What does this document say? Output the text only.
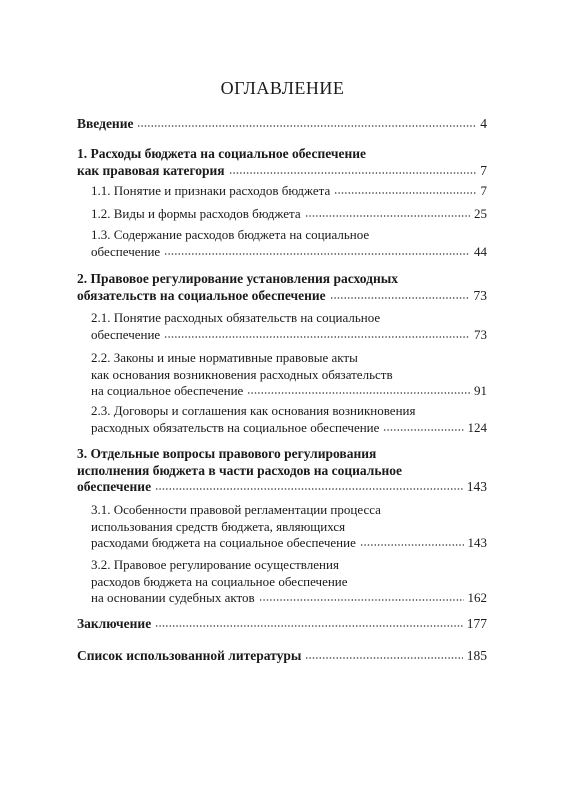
ОГЛАВЛЕНИЕ
Введение	4
1. Расходы бюджета на социальное обеспечение
как правовая категория	7
1.1. Понятие и признаки расходов бюджета	7
1.2. Виды и формы расходов бюджета	25
1.3. Содержание расходов бюджета на социальное
обеспечение	44
2. Правовое регулирование установления расходных
обязательств на социальное обеспечение	73
2.1. Понятие расходных обязательств на социальное
обеспечение	73
2.2. Законы и иные нормативные правовые акты
как основания возникновения расходных обязательств
на социальное обеспечение	91
2.3. Договоры и соглашения как основания возникновения
расходных обязательств на социальное обеспечение	124
3. Отдельные вопросы правового регулирования
исполнения бюджета в части расходов на социальное
обеспечение	143
3.1. Особенности правовой регламентации процесса
использования средств бюджета, являющихся
расходами бюджета на социальное обеспечение	143
3.2. Правовое регулирование осуществления
расходов бюджета на социальное обеспечение
на основании судебных актов	162
Заключение	177
Список использованной литературы	185
